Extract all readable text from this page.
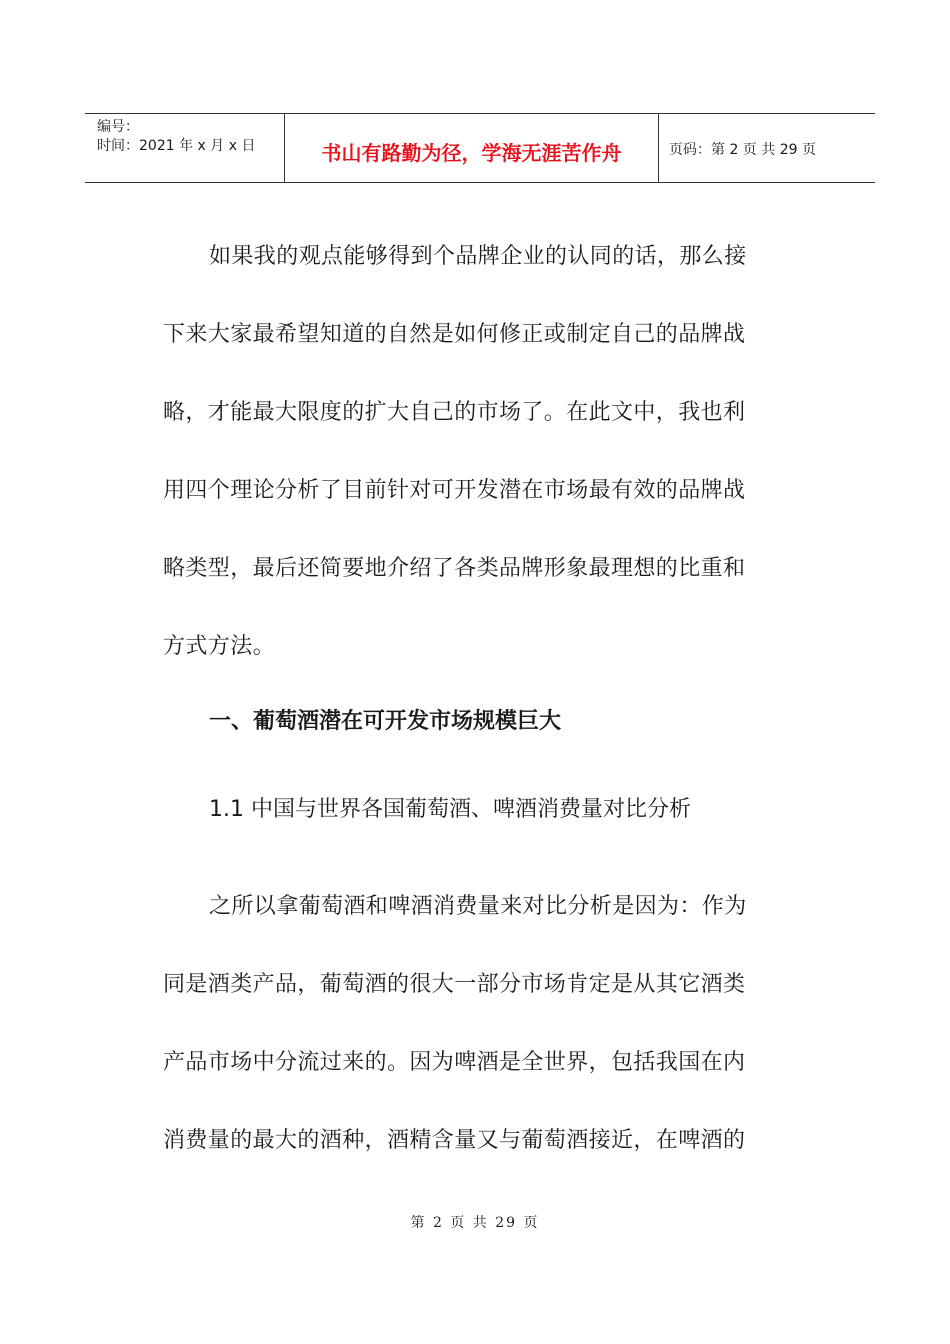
编号：
时间：2021 年 x 月 x 日	书山有路勤为径，学海无涯苦作舟	页码：第 2 页 共 29 页

如果我的观点能够得到个品牌企业的认同的话，那么接
下来大家最希望知道的自然是如何修正或制定自己的品牌战
略，才能最大限度的扩大自己的市场了。在此文中，我也利
用四个理论分析了目前针对可开发潜在市场最有效的品牌战
略类型，最后还简要地介绍了各类品牌形象最理想的比重和
方式方法。

一、葡萄酒潜在可开发市场规模巨大
1.1 中国与世界各国葡萄酒、啤酒消费量对比分析

之所以拿葡萄酒和啤酒消费量来对比分析是因为：作为
同是酒类产品，葡萄酒的很大一部分市场肯定是从其它酒类
产品市场中分流过来的。因为啤酒是全世界，包括我国在内
消费量的最大的酒种，酒精含量又与葡萄酒接近，在啤酒的

第 2 页 共 29 页
